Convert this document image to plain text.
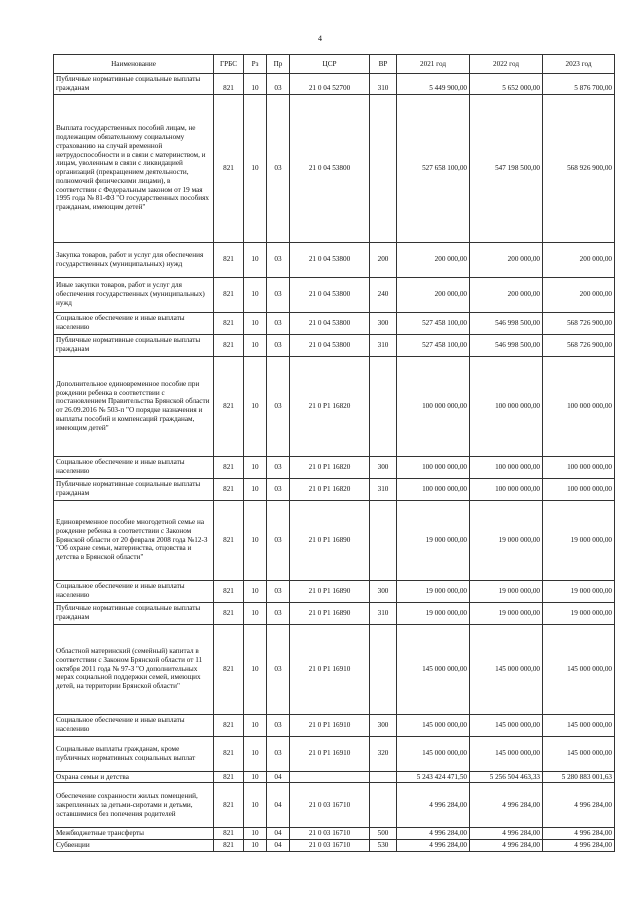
4
Наименование	ГРБС	Рз	Пр	ЦСР	ВР	2021 год	2022 год	2023 год
Публичные нормативные социальные выплаты гражданам	821	10	03	21 0 04 52700	310	5 449 900,00	5 652 000,00	5 876 700,00
Выплата государственных пособий лицам, не подлежащим обязательному социальному страхованию на случай временной нетрудоспособности и в связи с материнством, и лицам, уволенным в связи с ликвидацией организаций (прекращением деятельности, полномочий физическими лицами), в соответствии с Федеральным законом от 19 мая 1995 года № 81-ФЗ "О государственных пособиях гражданам, имеющим детей"	821	10	03	21 0 04 53800		527 658 100,00	547 198 500,00	568 926 900,00
Закупка товаров, работ и услуг для обеспечения государственных (муниципальных) нужд	821	10	03	21 0 04 53800	200	200 000,00	200 000,00	200 000,00
Иные закупки товаров, работ и услуг для обеспечения государственных (муниципальных) нужд	821	10	03	21 0 04 53800	240	200 000,00	200 000,00	200 000,00
Социальное обеспечение и иные выплаты населению	821	10	03	21 0 04 53800	300	527 458 100,00	546 998 500,00	568 726 900,00
Публичные нормативные социальные выплаты гражданам	821	10	03	21 0 04 53800	310	527 458 100,00	546 998 500,00	568 726 900,00
Дополнительное единовременное пособие при рождении ребенка в соответствии с постановлением Правительства Брянской области от 26.09.2016 № 503-п "О порядке назначения и выплаты пособий и компенсаций гражданам, имеющим детей"	821	10	03	21 0 P1 16820		100 000 000,00	100 000 000,00	100 000 000,00
Социальное обеспечение и иные выплаты населению	821	10	03	21 0 P1 16820	300	100 000 000,00	100 000 000,00	100 000 000,00
Публичные нормативные социальные выплаты гражданам	821	10	03	21 0 P1 16820	310	100 000 000,00	100 000 000,00	100 000 000,00
Единовременное пособие многодетной семье на рождение ребенка в соответствии с Законом Брянской области от 20 февраля 2008 года №12-З "Об охране семьи, материнства, отцовства и детства в Брянской области"	821	10	03	21 0 P1 16890		19 000 000,00	19 000 000,00	19 000 000,00
Социальное обеспечение и иные выплаты населению	821	10	03	21 0 P1 16890	300	19 000 000,00	19 000 000,00	19 000 000,00
Публичные нормативные социальные выплаты гражданам	821	10	03	21 0 P1 16890	310	19 000 000,00	19 000 000,00	19 000 000,00
Областной материнский (семейный) капитал в соответствии с Законом Брянской области от 11 октября 2011 года № 97-З "О дополнительных мерах социальной поддержки семей, имеющих детей, на территории Брянской области"	821	10	03	21 0 P1 16910		145 000 000,00	145 000 000,00	145 000 000,00
Социальное обеспечение и иные выплаты населению	821	10	03	21 0 P1 16910	300	145 000 000,00	145 000 000,00	145 000 000,00
Социальные выплаты гражданам, кроме публичных нормативных социальных выплат	821	10	03	21 0 P1 16910	320	145 000 000,00	145 000 000,00	145 000 000,00
Охрана семьи и детства	821	10	04			5 243 424 471,50	5 256 504 463,33	5 280 883 001,63
Обеспечение сохранности жилых помещений, закрепленных за детьми-сиротами и детьми, оставшимися без попечения родителей	821	10	04	21 0 03 16710		4 996 284,00	4 996 284,00	4 996 284,00
Межбюджетные трансферты	821	10	04	21 0 03 16710	500	4 996 284,00	4 996 284,00	4 996 284,00
Субвенции	821	10	04	21 0 03 16710	530	4 996 284,00	4 996 284,00	4 996 284,00
